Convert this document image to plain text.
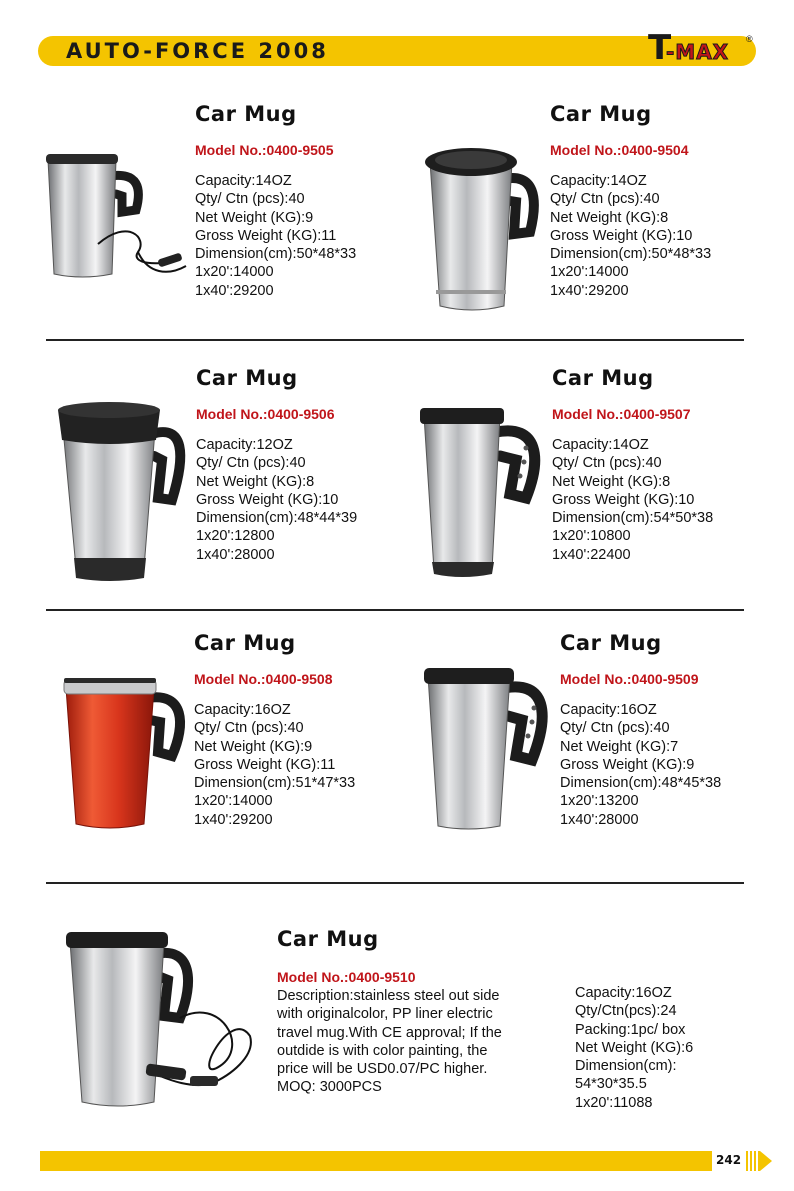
AUTO-FORCE 2008	T
-MAX
®
Car Mug
Model No.:0400-9505
Capacity:14OZ
Qty/ Ctn (pcs):40
Net Weight (KG):9
Gross Weight (KG):11
Dimension(cm):50*48*33
1x20':14000
1x40':29200
Car Mug
Model No.:0400-9504
Capacity:14OZ
Qty/ Ctn (pcs):40
Net Weight (KG):8
Gross Weight (KG):10
Dimension(cm):50*48*33
1x20':14000
1x40':29200
Car Mug
Model No.:0400-9506
Capacity:12OZ
Qty/ Ctn (pcs):40
Net Weight (KG):8
Gross Weight (KG):10
Dimension(cm):48*44*39
1x20':12800
1x40':28000
Car Mug
Model No.:0400-9507
Capacity:14OZ
Qty/ Ctn (pcs):40
Net Weight (KG):8
Gross Weight (KG):10
Dimension(cm):54*50*38
1x20':10800
1x40':22400
Car Mug
Model No.:0400-9508
Capacity:16OZ
Qty/ Ctn (pcs):40
Net Weight (KG):9
Gross Weight (KG):11
Dimension(cm):51*47*33
1x20':14000
1x40':29200
Car Mug
Model No.:0400-9509
Capacity:16OZ
Qty/ Ctn (pcs):40
Net Weight (KG):7
Gross Weight (KG):9
Dimension(cm):48*45*38
1x20':13200
1x40':28000
Car Mug
Model No.:0400-9510
Description:stainless steel out side
with originalcolor, PP liner electric
travel mug.With CE approval; If the
outdide is with color painting, the
price will be USD0.07/PC higher.
MOQ: 3000PCS
Capacity:16OZ
Qty/Ctn(pcs):24
Packing:1pc/ box
Net Weight (KG):6
Dimension(cm):
54*30*35.5
1x20':11088
242
